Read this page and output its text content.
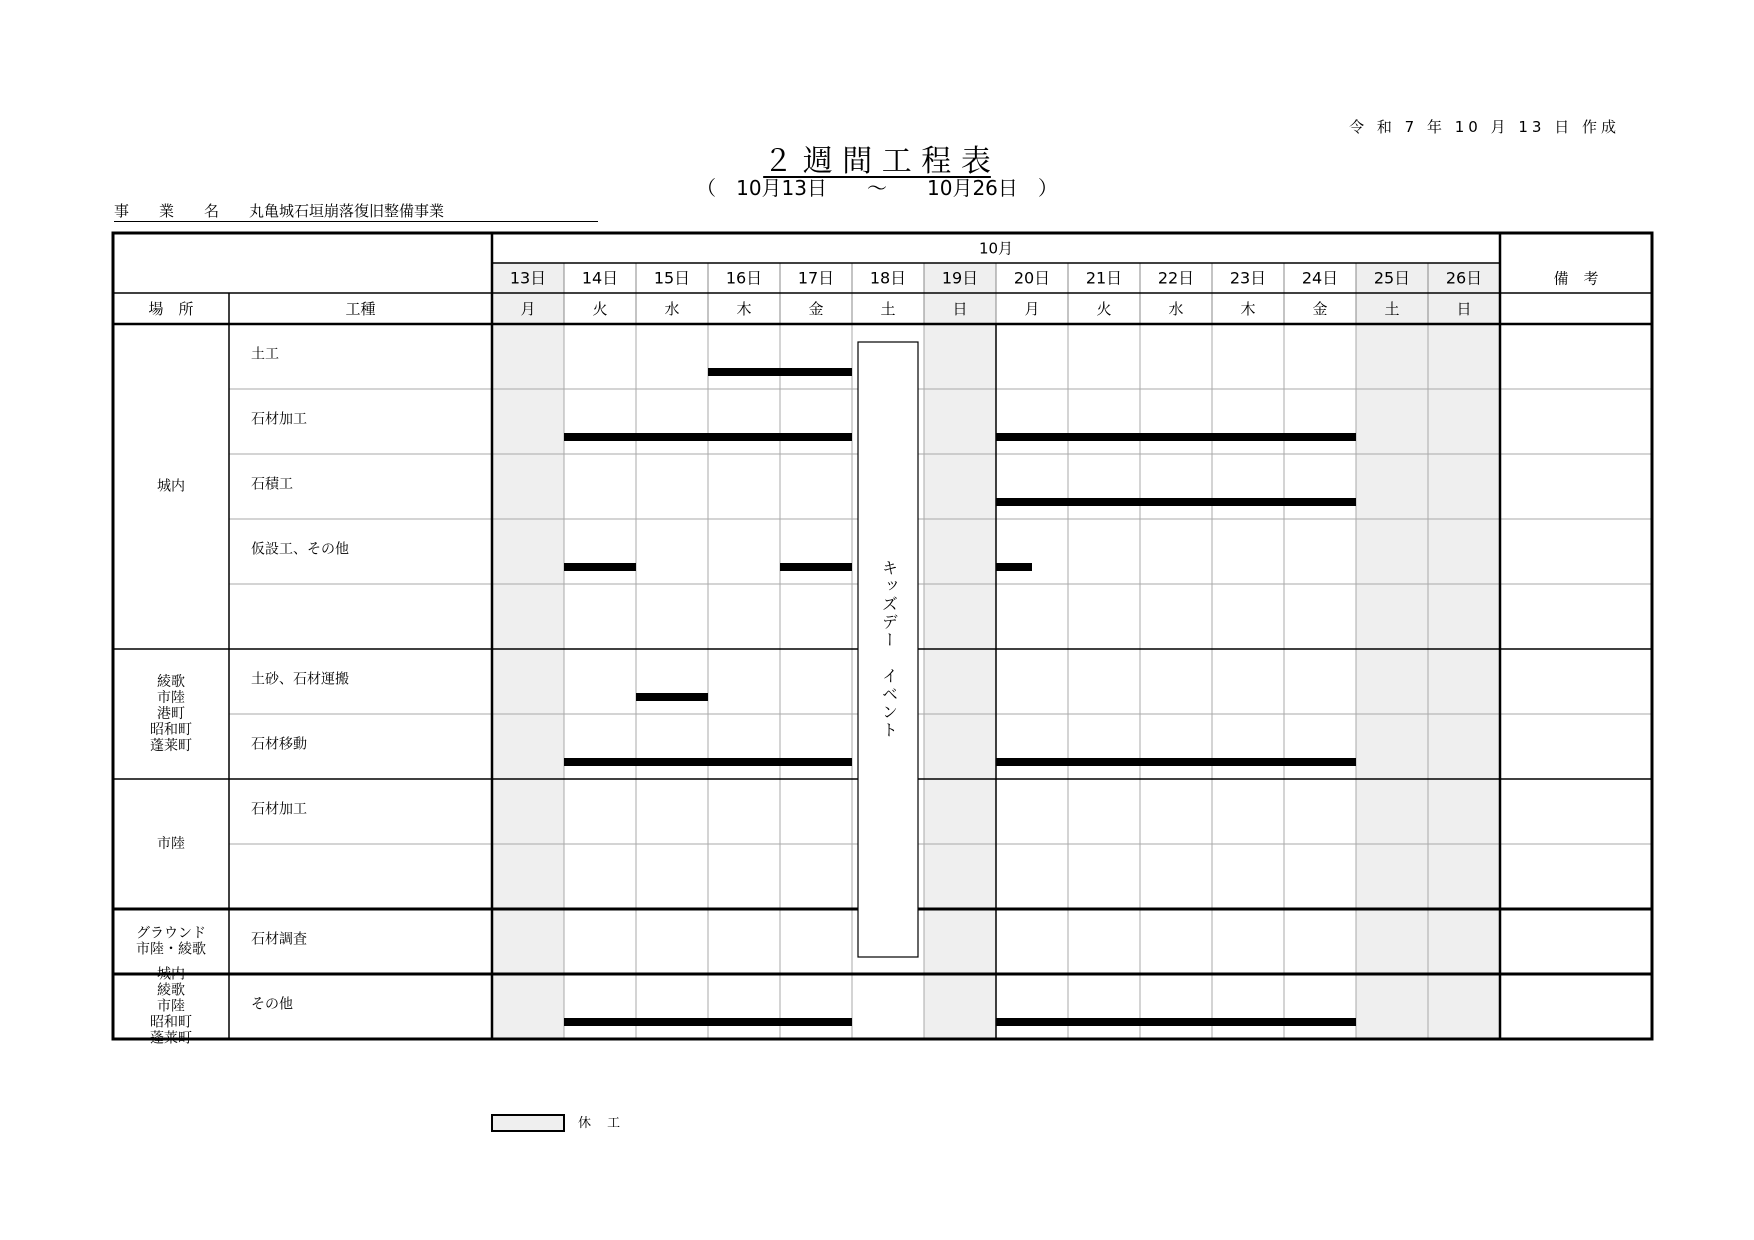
令 和 7 年 10 月 13 日 作成
２ 週 間 工 程 表
（　10月13日　　～　　10月26日　）
事　　業　　名　　丸亀城石垣崩落復旧整備事業
10月
13日
月
14日
火
15日
水
16日
木
17日
金
18日
土
19日
日
20日
月
21日
火
22日
水
23日
木
24日
金
25日
土
26日
日
場　所	工種
備　考
城内
土工
石材加工
石積工
仮設工、その他
綾歌
市陸
港町
昭和町
蓬莱町
土砂、石材運搬
石材移動
市陸
石材加工
グラウンド
市陸・綾歌
石材調査
城内
綾歌
市陸
昭和町
蓬莱町
その他
キッズデー　イベント
休 工
